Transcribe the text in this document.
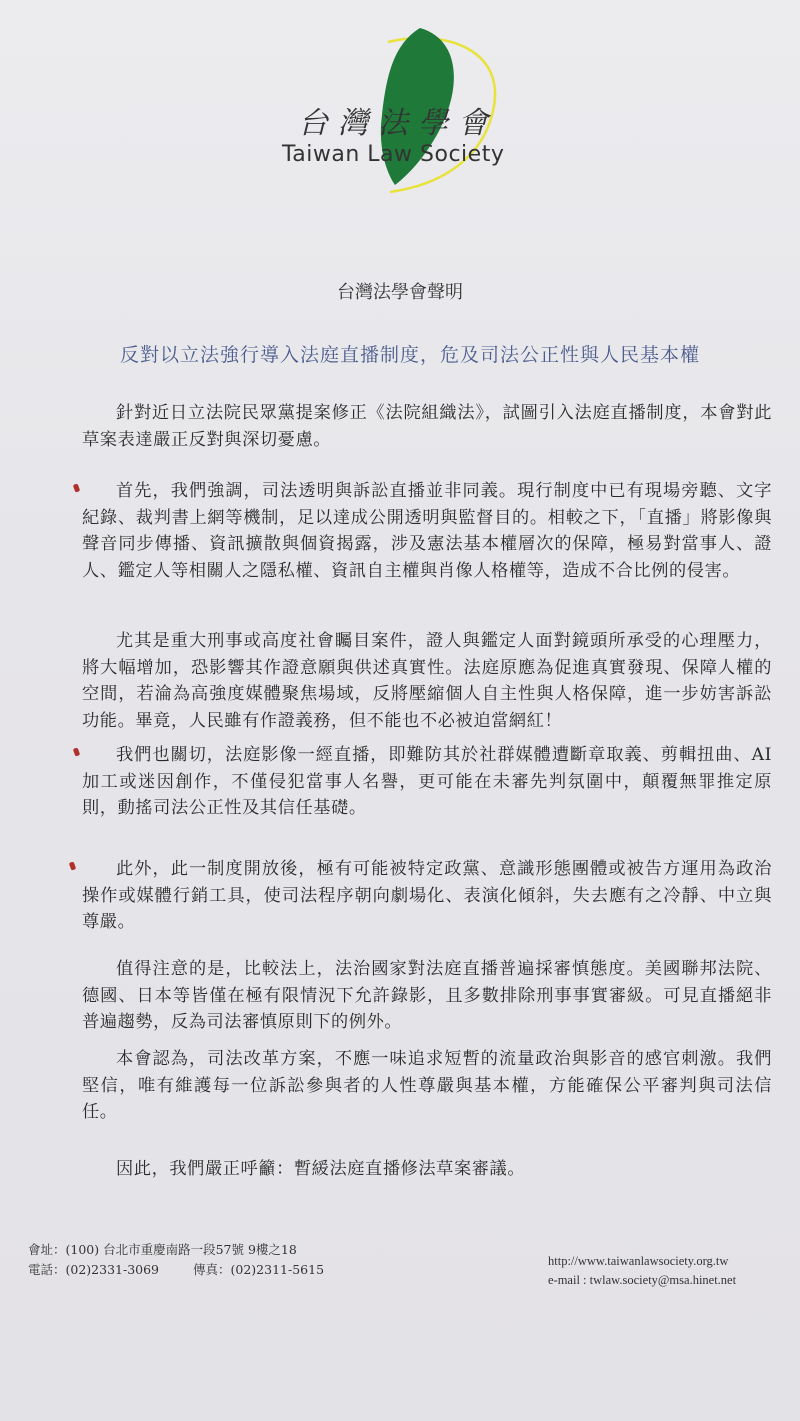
台灣法學會
Taiwan Law Society
台灣法學會聲明
反對以立法強行導入法庭直播制度，危及司法公正性與人民基本權
針對近日立法院民眾黨提案修正《法院組織法》，試圖引入法庭直播制度，本會對此草案表達嚴正反對與深切憂慮。
首先，我們強調，司法透明與訴訟直播並非同義。現行制度中已有現場旁聽、文字紀錄、裁判書上網等機制，足以達成公開透明與監督目的。相較之下，「直播」將影像與聲音同步傳播、資訊擴散與個資揭露，涉及憲法基本權層次的保障，極易對當事人、證人、鑑定人等相關人之隱私權、資訊自主權與肖像人格權等，造成不合比例的侵害。
尤其是重大刑事或高度社會矚目案件，證人與鑑定人面對鏡頭所承受的心理壓力，將大幅增加，恐影響其作證意願與供述真實性。法庭原應為促進真實發現、保障人權的空間，若淪為高強度媒體聚焦場域，反將壓縮個人自主性與人格保障，進一步妨害訴訟功能。畢竟，人民雖有作證義務，但不能也不必被迫當網紅！
我們也關切，法庭影像一經直播，即難防其於社群媒體遭斷章取義、剪輯扭曲、AI加工或迷因創作，不僅侵犯當事人名譽，更可能在未審先判氛圍中，顛覆無罪推定原則，動搖司法公正性及其信任基礎。
此外，此一制度開放後，極有可能被特定政黨、意識形態團體或被告方運用為政治操作或媒體行銷工具，使司法程序朝向劇場化、表演化傾斜，失去應有之冷靜、中立與尊嚴。
值得注意的是，比較法上，法治國家對法庭直播普遍採審慎態度。美國聯邦法院、德國、日本等皆僅在極有限情況下允許錄影，且多數排除刑事事實審級。可見直播絕非普遍趨勢，反為司法審慎原則下的例外。
本會認為，司法改革方案，不應一味追求短暫的流量政治與影音的感官刺激。我們堅信，唯有維護每一位訴訟參與者的人性尊嚴與基本權，方能確保公平審判與司法信任。
因此，我們嚴正呼籲：暫緩法庭直播修法草案審議。
會址：(100) 台北市重慶南路一段57號 9樓之18
電話：(02)2331-3069	傳真：(02)2311-5615
http://www.taiwanlawsociety.org.tw
e-mail : twlaw.society@msa.hinet.net
